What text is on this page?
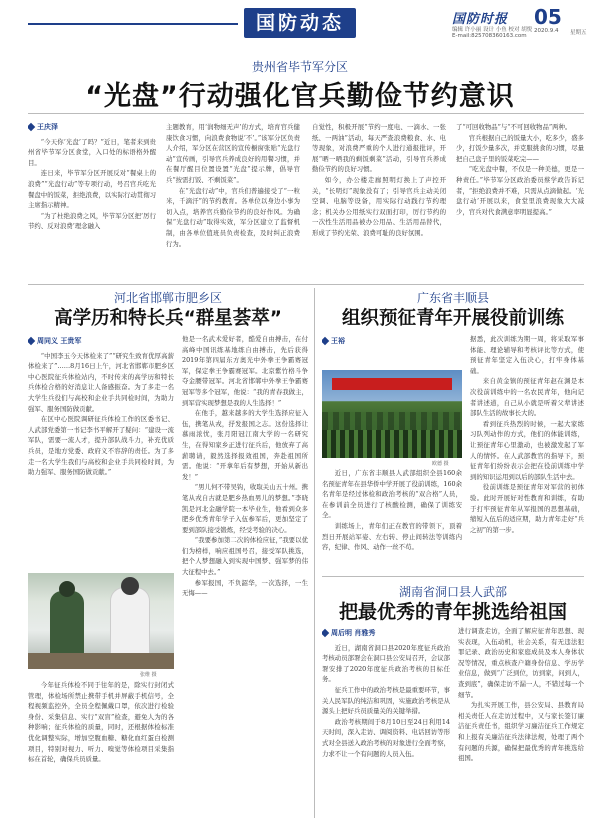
国防动态	国防时报
编辑 许小丽 设计 小鱼 校对 胡悦
E-mail:825708360163.com
05
2020.9.4 星期五
贵州省毕节军分区
“光盘”行动强化官兵勤俭节约意识
王庆泽

“今天你‘光盘’了吗？”近日，笔者来到贵州省毕节军分区食堂，入口处的标语格外醒目。

连日来，毕节军分区开展反对“餐桌上的浪费”“光盘行动”等专项行动，号召官兵吃光餐盘中的饭菜，拒绝浪费，以实际行动贯彻习主席指示精神。

“为了杜绝浪费之风，毕节军分区把‘厉行节约、反对浪费’理念融入

主题教育，用‘润物细无声’的方式，培育官兵健康饮食习惯，向浪费食物说‘不’。”该军分区负责人介绍，军分区在营区的宣传橱窗张贴“光盘行动”宣传画，引导官兵养成良好的用餐习惯，并在餐厅醒目位置设置“光盘”提示牌，倡导官兵“按需打饭、不剩饭菜”。

在“光盘行动”中，官兵们普遍接受了“一粒米，千滴汗”的节约教育。各单位以身边小事为切入点，培养官兵勤俭节约的良好作风。为确保“光盘行动”取得实效，军分区建立了监督机制，由各单位值班员负责检查，及时纠正浪费行为。

自觉性，积极开展“节约一度电、一滴水、一张纸、一两油”活动，每天严查浪费粮食、水、电等现象，对浪费严重的个人进行通报批评，开展“晒一晒我的剩饭剩菜”活动，引导官兵养成勤俭节约的良好习惯。

如今，办公楼走廊照明灯换上了声控开关，“长明灯”现象没有了；引导官兵主动关闭空调、电脑等设备，用实际行动践行节约理念；机关办公用纸实行双面打印，厉行节约的一次性生活用品被办公用品、生活用品替代，形成了节约光荣、浪费可耻的良好氛围。

了“可回收物品”与“不可回收物品”两种。

官兵根据自己的饭量大小，吃多少，盛多少，打饭少量多次，并克服挑食的习惯，尽量把自己盘子里的饭菜吃完——

“吃光盘中餐，不仅是一种美德，更是一种责任。”毕节军分区政治委员蔡学政告诉记者，“拒绝浪费并不难，只需从点滴做起。‘光盘行动’开展以来，食堂里浪费现象大大减少，官兵对代食满意率明显提高。”

河北省邯郸市肥乡区
高学历和特长兵“群星荟萃”
周同义 王贵军

“中国李玉今天体检来了”“研究生致育优厚高薪体检来了”……8月16日上午，河北省邯郸市肥乡区中心医院征兵体检站内，不时传来的高学历和特长兵体检合格的好消息让人备感振奋。为了多走一名大学生兵役们与高校和企业手共同检时间，为助力强军、服务国防做贡献。

在区中心医院调研征兵体检工作的区委书记、人武部党委第一书记李书平解开了疑问：“建设一流军队，需要一流人才，提升部队战斗力，补充优质兵员，是地方党委、政府义不容辞的责任。为了多走一名大学生我们与高校和企业手共同检时间，为助力强军、服务国防做贡献。”

张维 摄

今年征兵体检不同于往年的是，除实行封闭式管理，体检场所禁止携带手机并屏蔽手机信号，全程视频监控外，全员全程佩戴口罩，依次进行检验身份、采集信息、实行“双盲”检查，避免人为的各种影响；征兵体检的质量，同时，还根据体检标准优化调整实际，增加空腹血糖、糖化血红蛋白检测项目，特别对视力、听力、嗅觉等体检项目采集指标在首轮，确保兵员质量。

他是一名武术爱好者，酷爱自由搏击，在付高峰中国讯练基地练自由搏击，先后获得2019年第四届东方奥光中外拳王争霸赛冠军，保定拳王争霸赛冠军。北京紫竹格斗争夺金腰带冠军。河北省邯郸中外拳王争霸赛冠军等多个冠军，他说：“我的青春我做主，到军营实现梦想是我的人生选择！”

在他手，越来越多的大学生选择应征入伍，携笔从戎，抒发报国之志。这份选择让慕雨浓忧，张月阳冠江南大学的一名研究生，在得知家乡正进行征兵后，他放弃了高薪聘请，毅然选择报效祖国，奔赴祖国所需。他说：“开拿年后有梦想，开始从新出发！”

“男儿何不带吴钩，收取关山五十州。携笔从戎自古就是肥乡热血男儿的梦想。”李晓凯是河北金融学院一本毕业生，他看到众多肥乡优秀青年学子入伍参军后，更加坚定了要到部队接受锻炼，经受考验的决心。

“我要参加第二次的体检应征，”我要以优们为榜样，响应祖国号召，接受军队挑选，把个人梦想融入到实现中国梦、强军梦的伟大征程中去。”

参军报国，不负韶华，一次选择，一生无悔——

广东省丰顺县
组织预征青年开展役前训练
王裕
欧德 摄

近日，广东省丰顺县人武部组织全县160余名预征青年在县华侨中学开展了役前训练，160余名青年是经过体检和政治考核的“双合格”人员，在参训前全员进行了核酸检测，确保了训练安全。

训练场上，青年们正在教官的带领下，顶着烈日开展站军姿、左右转、停止间转法等训练内容，纪律、作风、动作一丝不苟。

据悉，此次训练为期一周，将采取军事体能、理论辅导和考核评比等方式，使预征青年坚定入伍决心，打牢身体基础。

来自黄金镇的预征青年赵在渊是本次役前训练中的一名农民青年，他向记者讲述道，自己从小就是听着父辈讲述部队生活的故事长大的。

看到征兵热烈的时候，一起大家练习队列动作的方式，他们的体能训练，让预征青年心里激动，也被激发起了军人的情怀。在人武部教官的指导下，预征青年们纷纷表示会把在役前训练中学到的知识运用到以后的部队生活中去。

役前训练是预征青年对军营的初体验。此时开展好对性教育和训练，有助于打牢预征青年从军报国的思想基础，缩短入伍后的适应期，助力青年走好“兵之初”的第一步。

湖南省洞口县人武部
把最优秀的青年挑选给祖国
周后明 肖雅秀

近日，湖南省洞口县2020年度征兵政治考核动员部署会在洞口县公安局召开，会议部署安排了2020年度征兵政治考核的目标任务。

征兵工作中的政治考核是最重要环节，事关人民军队的纯洁和巩固，实施政治考核是从源头上把好兵员质量关的关键举措。

政治考核期间于8月10日至24日利用14天时间，深入走访、调阅资料、电话回访等形式对全县送入政治考核的对象进行全面考察，力求不让一个有问题的人员入伍。

进行调查走访，全面了解应征青年思想、现实表现，入伍动机，社会关系，有无违法犯罪记录、政治历史和家庭成员及本人身体状况等情况，重点核查户籍身份信息、学历学业信息，做到“广泛到位，访到家，问到人，查到底”，确保走访不漏一人，不错过每一个细节。

为扎实开展工作，县公安局、县教育局相关责任人在走访过程中，又与家长签订廉洁征兵责任书，组织学习廉洁征兵工作规定和上报有关廉洁征兵法律法规，处理了两个有问题的兵源，确保把最优秀的青年挑选给祖国。
